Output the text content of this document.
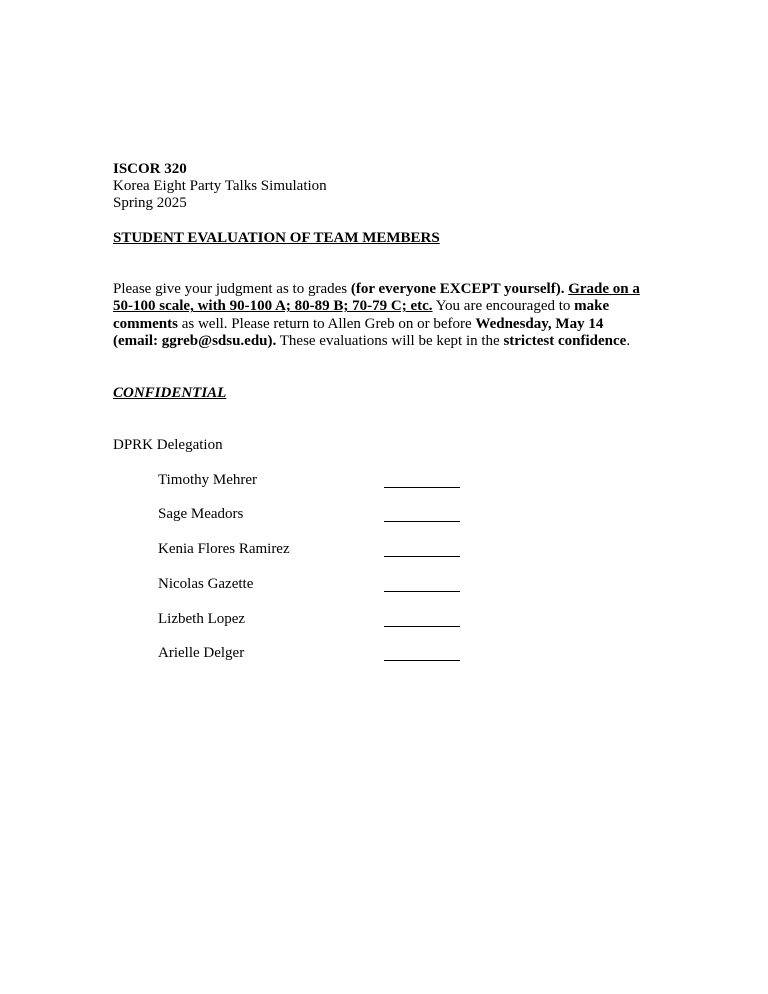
ISCOR 320
Korea Eight Party Talks Simulation
Spring 2025
STUDENT EVALUATION OF TEAM MEMBERS
Please give your judgment as to grades (for everyone EXCEPT yourself). Grade on a
50-100 scale, with 90-100 A; 80-89 B; 70-79 C; etc. You are encouraged to make
comments as well. Please return to Allen Greb on or before Wednesday, May 14
(email: ggreb@sdsu.edu). These evaluations will be kept in the strictest confidence.
CONFIDENTIAL
DPRK Delegation
Timothy Mehrer
Sage Meadors
Kenia Flores Ramirez
Nicolas Gazette
Lizbeth Lopez
Arielle Delger
